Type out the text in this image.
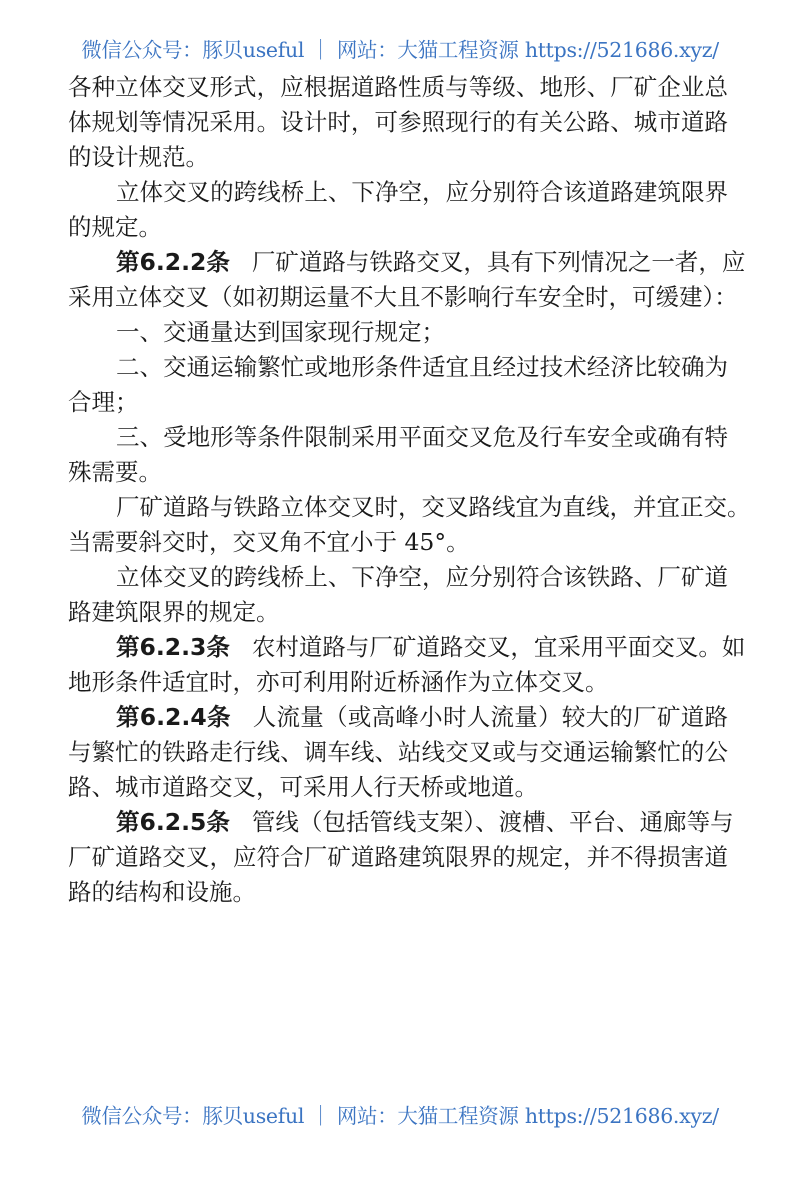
微信公众号：豚贝useful ｜ 网站：大猫工程资源 https://521686.xyz/
各种立体交叉形式，应根据道路性质与等级、地形、厂矿企业总
体规划等情况采用。设计时，可参照现行的有关公路、城市道路
的设计规范。
立体交叉的跨线桥上、下净空，应分别符合该道路建筑限界
的规定。
第6.2.2条 厂矿道路与铁路交叉，具有下列情况之一者，应
采用立体交叉（如初期运量不大且不影响行车安全时，可缓建）：
一、交通量达到国家现行规定；
二、交通运输繁忙或地形条件适宜且经过技术经济比较确为
合理；
三、受地形等条件限制采用平面交叉危及行车安全或确有特
殊需要。
厂矿道路与铁路立体交叉时，交叉路线宜为直线，并宜正交。
当需要斜交时，交叉角不宜小于 45°。
立体交叉的跨线桥上、下净空，应分别符合该铁路、厂矿道
路建筑限界的规定。
第6.2.3条 农村道路与厂矿道路交叉，宜采用平面交叉。如
地形条件适宜时，亦可利用附近桥涵作为立体交叉。
第6.2.4条 人流量（或高峰小时人流量）较大的厂矿道路
与繁忙的铁路走行线、调车线、站线交叉或与交通运输繁忙的公
路、城市道路交叉，可采用人行天桥或地道。
第6.2.5条 管线（包括管线支架）、渡槽、平台、通廊等与
厂矿道路交叉，应符合厂矿道路建筑限界的规定，并不得损害道
路的结构和设施。
微信公众号：豚贝useful ｜ 网站：大猫工程资源 https://521686.xyz/
